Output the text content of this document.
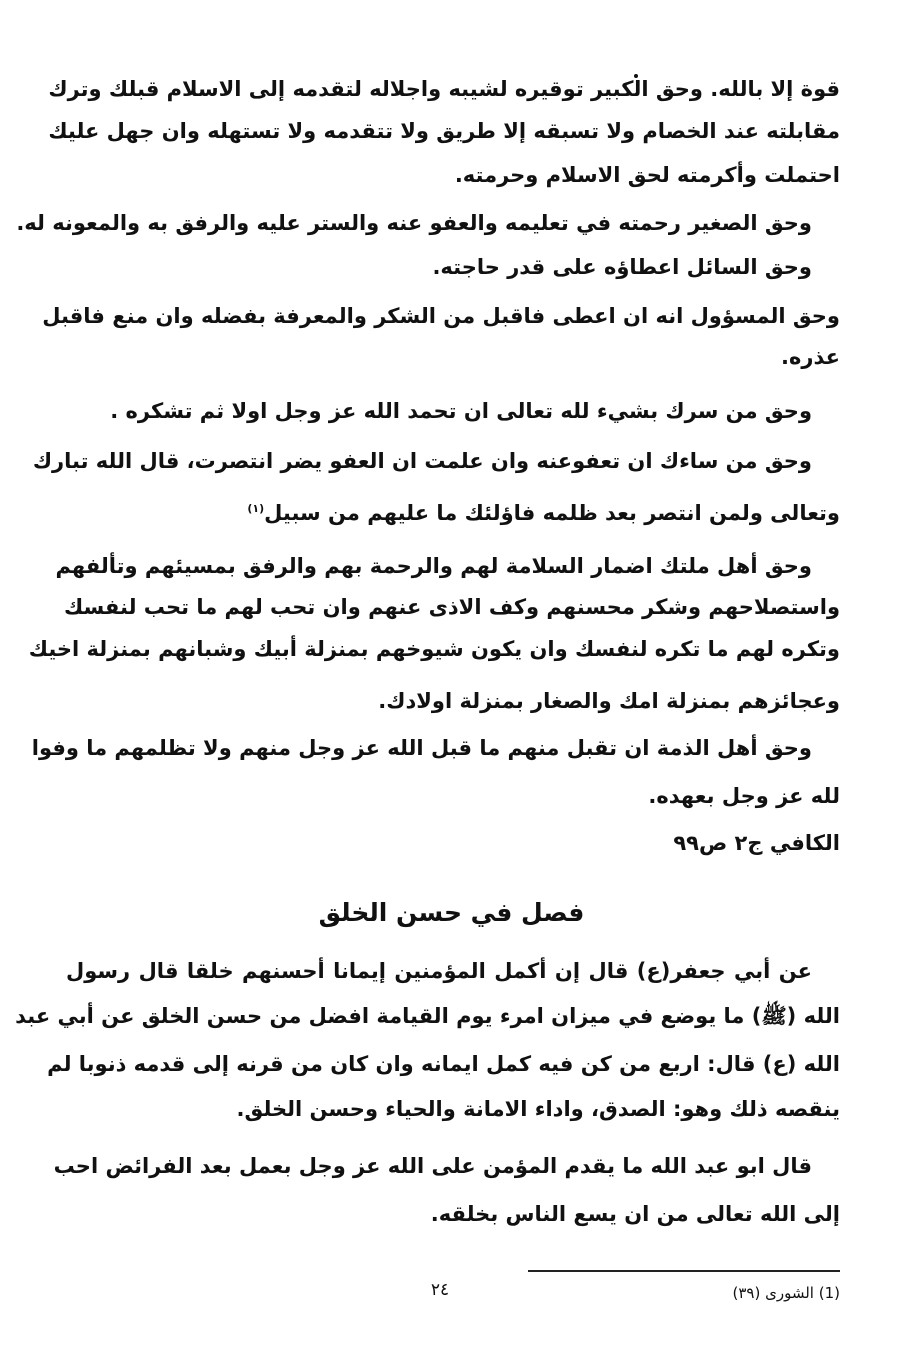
قوة إلا بالله. وحق الكبير توقيره لشيبه واجلاله لتقدمه إلى الاسلام قبلك وترك
مقابلته عند الخصام ولا تسبقه إلا طريق ولا تتقدمه ولا تستهله وان جهل عليك
احتملت وأكرمته لحق الاسلام وحرمته.
وحق الصغير رحمته في تعليمه والعفو عنه والستر عليه والرفق به والمعونه له.
وحق السائل اعطاؤه على قدر حاجته.
وحق المسؤول انه ان اعطى فاقبل من الشكر والمعرفة بفضله وان منع فاقبل
عذره.
وحق من سرك بشيء لله تعالى ان تحمد الله عز وجل اولا ثم تشكره .
وحق من ساءك ان تعفوعنه وان علمت ان العفو يضر انتصرت، قال الله تبارك
وتعالى ولمن انتصر بعد ظلمه فاؤلئك ما عليهم من سبيل$^{(١)}$
وحق أهل ملتك اضمار السلامة لهم والرحمة بهم والرفق بمسيئهم وتألفهم
واستصلاحهم وشكر محسنهم وكف الاذى عنهم وان تحب لهم ما تحب لنفسك
وتكره لهم ما تكره لنفسك وان يكون شيوخهم بمنزلة أبيك وشبانهم بمنزلة اخيك
وعجائزهم بمنزلة امك والصغار بمنزلة اولادك.
وحق أهل الذمة ان تقبل منهم ما قبل الله عز وجل منهم ولا تظلمهم ما وفوا
لله عز وجل بعهده.
الكافي ج٢ ص٩٩
فصل في حسن الخلق
عن أبي جعفر(ع) قال إن أكمل المؤمنين إيمانا أحسنهم خلقا قال رسول
الله (ﷺ) ما يوضع في ميزان امرء يوم القيامة افضل من حسن الخلق عن أبي عبد
الله (ع) قال: اربع من كن فيه كمل ايمانه وان كان من قرنه إلى قدمه ذنوبا لم
ينقصه ذلك وهو: الصدق، واداء الامانة والحياء وحسن الخلق.
قال ابو عبد الله ما يقدم المؤمن على الله عز وجل بعمل بعد الفرائض احب
إلى الله تعالى من ان يسع الناس بخلقه.
٢٤	(1) الشورى (٣٩)
